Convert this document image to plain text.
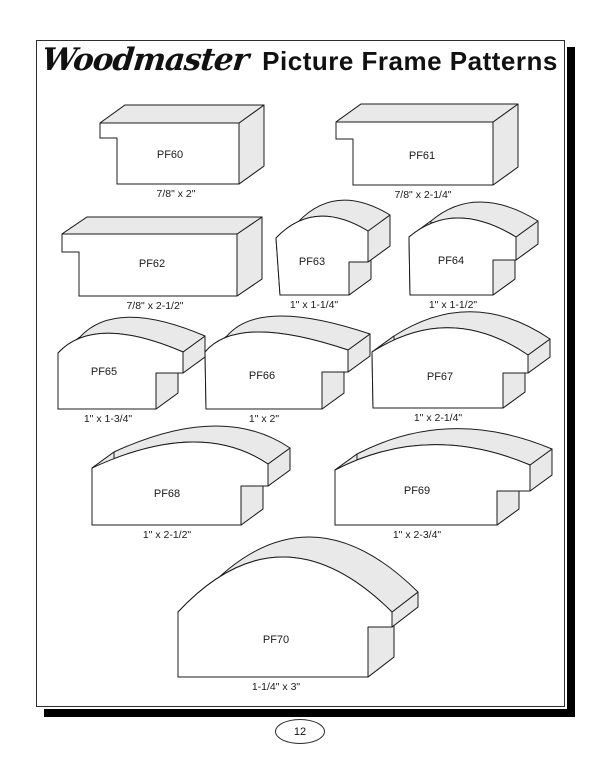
Woodmaster Picture Frame Patterns
PF60
7/8" x 2"
PF61
7/8" x 2-1/4"
PF62
7/8" x 2-1/2"
PF63
1" x 1-1/4"
PF64
1" x 1-1/2"
PF65
1" x 1-3/4"
PF66
1" x 2"
PF67
1" x 2-1/4"
PF68
1" x 2-1/2"
PF69
1" x 2-3/4"
PF70
1-1/4" x 3"
12
